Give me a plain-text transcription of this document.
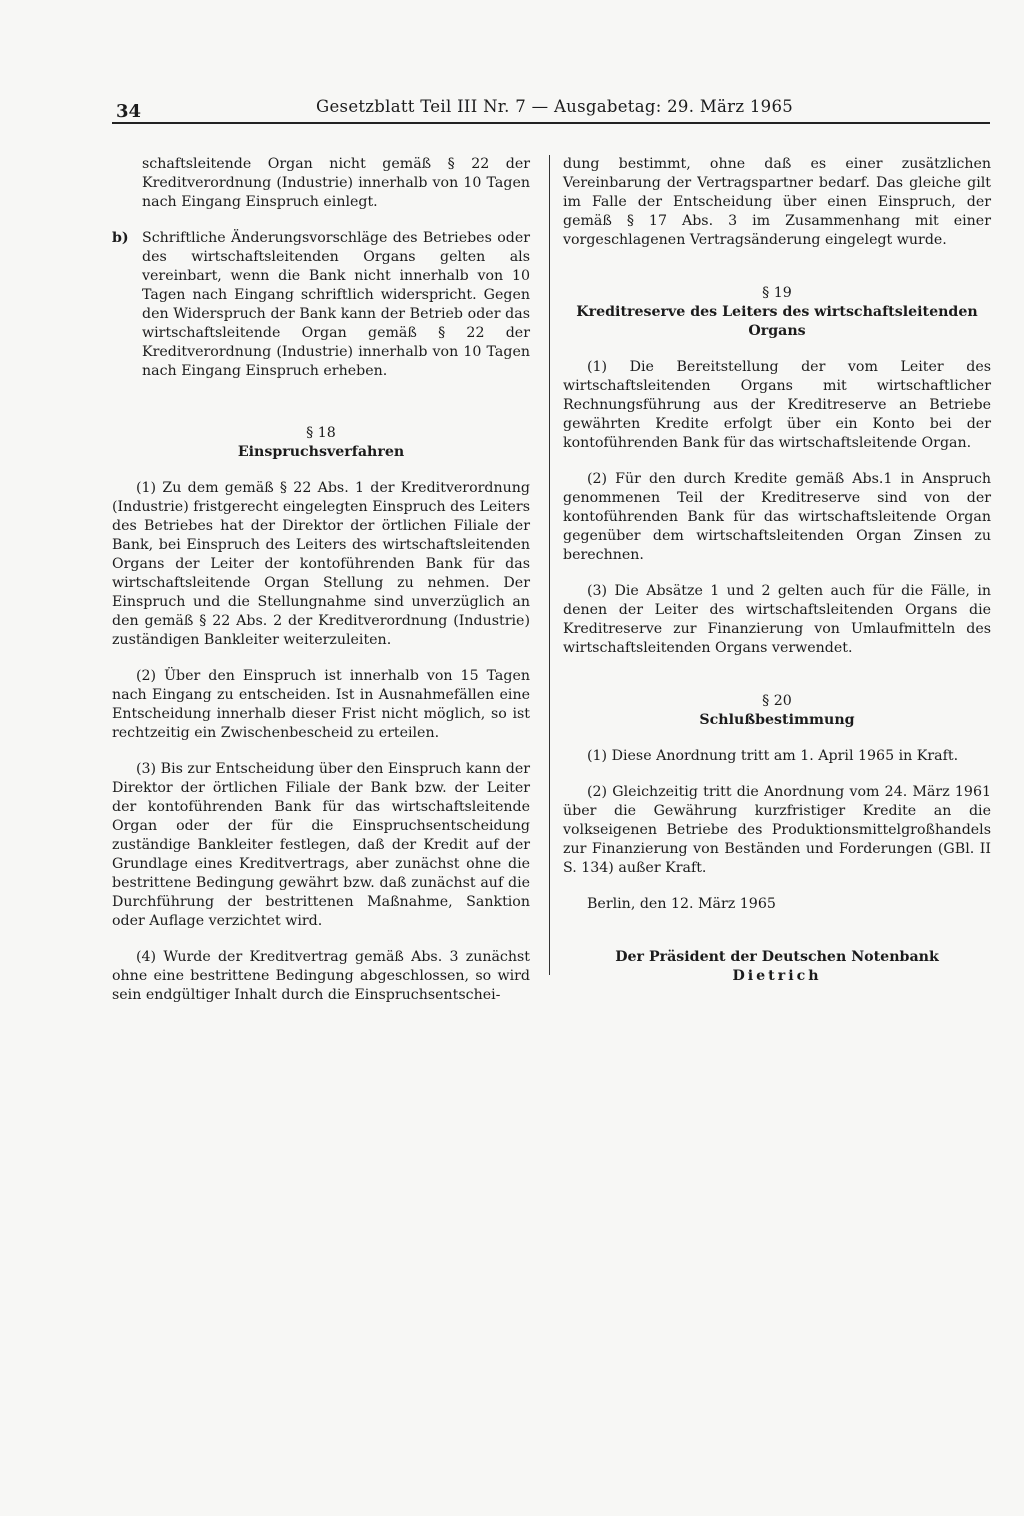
34	Gesetzblatt Teil III Nr. 7 — Ausgabetag: 29. März 1965

schaftsleitende Organ nicht gemäß § 22 der Kreditverordnung (Industrie) innerhalb von 10 Tagen nach Eingang Einspruch einlegt.

b) Schriftliche Änderungsvorschläge des Betriebes oder des wirtschaftsleitenden Organs gelten als vereinbart, wenn die Bank nicht innerhalb von 10 Tagen nach Eingang schriftlich widerspricht. Gegen den Widerspruch der Bank kann der Betrieb oder das wirtschaftsleitende Organ gemäß § 22 der Kreditverordnung (Industrie) innerhalb von 10 Tagen nach Eingang Einspruch erheben.

§ 18

Einspruchsverfahren

(1) Zu dem gemäß § 22 Abs. 1 der Kreditverordnung (Industrie) fristgerecht eingelegten Einspruch des Leiters des Betriebes hat der Direktor der örtlichen Filiale der Bank, bei Einspruch des Leiters des wirtschaftsleitenden Organs der Leiter der kontoführenden Bank für das wirtschaftsleitende Organ Stellung zu nehmen. Der Einspruch und die Stellungnahme sind unverzüglich an den gemäß § 22 Abs. 2 der Kreditverordnung (Industrie) zuständigen Bankleiter weiterzuleiten.

(2) Über den Einspruch ist innerhalb von 15 Tagen nach Eingang zu entscheiden. Ist in Ausnahmefällen eine Entscheidung innerhalb dieser Frist nicht möglich, so ist rechtzeitig ein Zwischenbescheid zu erteilen.

(3) Bis zur Entscheidung über den Einspruch kann der Direktor der örtlichen Filiale der Bank bzw. der Leiter der kontoführenden Bank für das wirtschaftsleitende Organ oder der für die Einspruchsentscheidung zuständige Bankleiter festlegen, daß der Kredit auf der Grundlage eines Kreditvertrags, aber zunächst ohne die bestrittene Bedingung gewährt bzw. daß zunächst auf die Durchführung der bestrittenen Maßnahme, Sanktion oder Auflage verzichtet wird.

(4) Wurde der Kreditvertrag gemäß Abs. 3 zunächst ohne eine bestrittene Bedingung abgeschlossen, so wird sein endgültiger Inhalt durch die Einspruchsentschei-

dung bestimmt, ohne daß es einer zusätzlichen Vereinbarung der Vertragspartner bedarf. Das gleiche gilt im Falle der Entscheidung über einen Einspruch, der gemäß § 17 Abs. 3 im Zusammenhang mit einer vorgeschlagenen Vertragsänderung eingelegt wurde.

§ 19

Kreditreserve des Leiters des wirtschaftsleitenden Organs

(1) Die Bereitstellung der vom Leiter des wirtschaftsleitenden Organs mit wirtschaftlicher Rechnungsführung aus der Kreditreserve an Betriebe gewährten Kredite erfolgt über ein Konto bei der kontoführenden Bank für das wirtschaftsleitende Organ.

(2) Für den durch Kredite gemäß Abs.1 in Anspruch genommenen Teil der Kreditreserve sind von der kontoführenden Bank für das wirtschaftsleitende Organ gegenüber dem wirtschaftsleitenden Organ Zinsen zu berechnen.

(3) Die Absätze 1 und 2 gelten auch für die Fälle, in denen der Leiter des wirtschaftsleitenden Organs die Kreditreserve zur Finanzierung von Umlaufmitteln des wirtschaftsleitenden Organs verwendet.

§ 20

Schlußbestimmung

(1) Diese Anordnung tritt am 1. April 1965 in Kraft.

(2) Gleichzeitig tritt die Anordnung vom 24. März 1961 über die Gewährung kurzfristiger Kredite an die volkseigenen Betriebe des Produktionsmittelgroßhandels zur Finanzierung von Beständen und Forderungen (GBl. II S. 134) außer Kraft.

Berlin, den 12. März 1965

Der Präsident der Deutschen Notenbank

Dietrich
